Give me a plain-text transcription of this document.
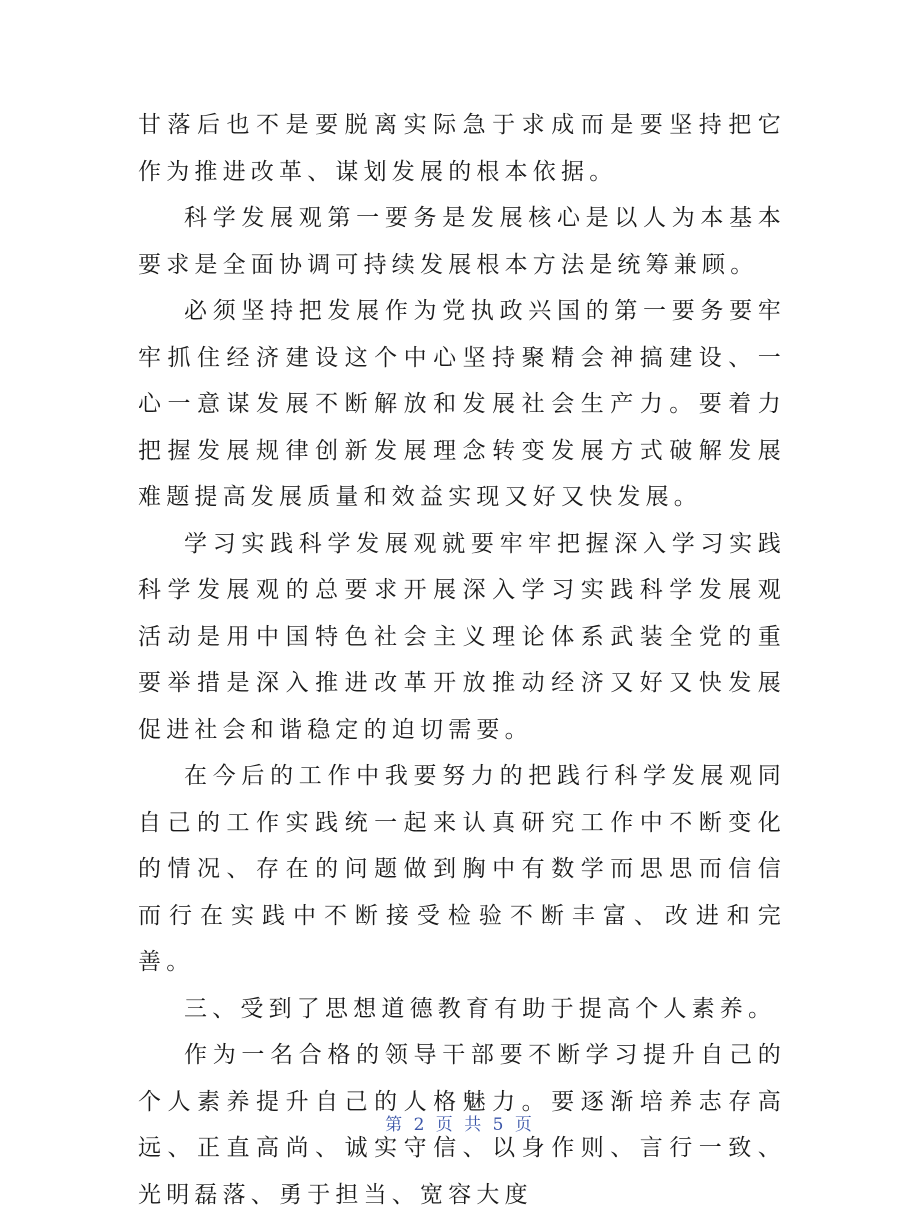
甘落后也不是要脱离实际急于求成而是要坚持把它作为推进改革、谋划发展的根本依据。

科学发展观第一要务是发展核心是以人为本基本要求是全面协调可持续发展根本方法是统筹兼顾。

必须坚持把发展作为党执政兴国的第一要务要牢牢抓住经济建设这个中心坚持聚精会神搞建设、一心一意谋发展不断解放和发展社会生产力。要着力把握发展规律创新发展理念转变发展方式破解发展难题提高发展质量和效益实现又好又快发展。

学习实践科学发展观就要牢牢把握深入学习实践科学发展观的总要求开展深入学习实践科学发展观活动是用中国特色社会主义理论体系武装全党的重要举措是深入推进改革开放推动经济又好又快发展促进社会和谐稳定的迫切需要。

在今后的工作中我要努力的把践行科学发展观同自己的工作实践统一起来认真研究工作中不断变化的情况、存在的问题做到胸中有数学而思思而信信而行在实践中不断接受检验不断丰富、改进和完善。

三、受到了思想道德教育有助于提高个人素养。

作为一名合格的领导干部要不断学习提升自己的个人素养提升自己的人格魅力。要逐渐培养志存高远、正直高尚、诚实守信、以身作则、言行一致、光明磊落、勇于担当、宽容大度

第 2 页 共 5 页
